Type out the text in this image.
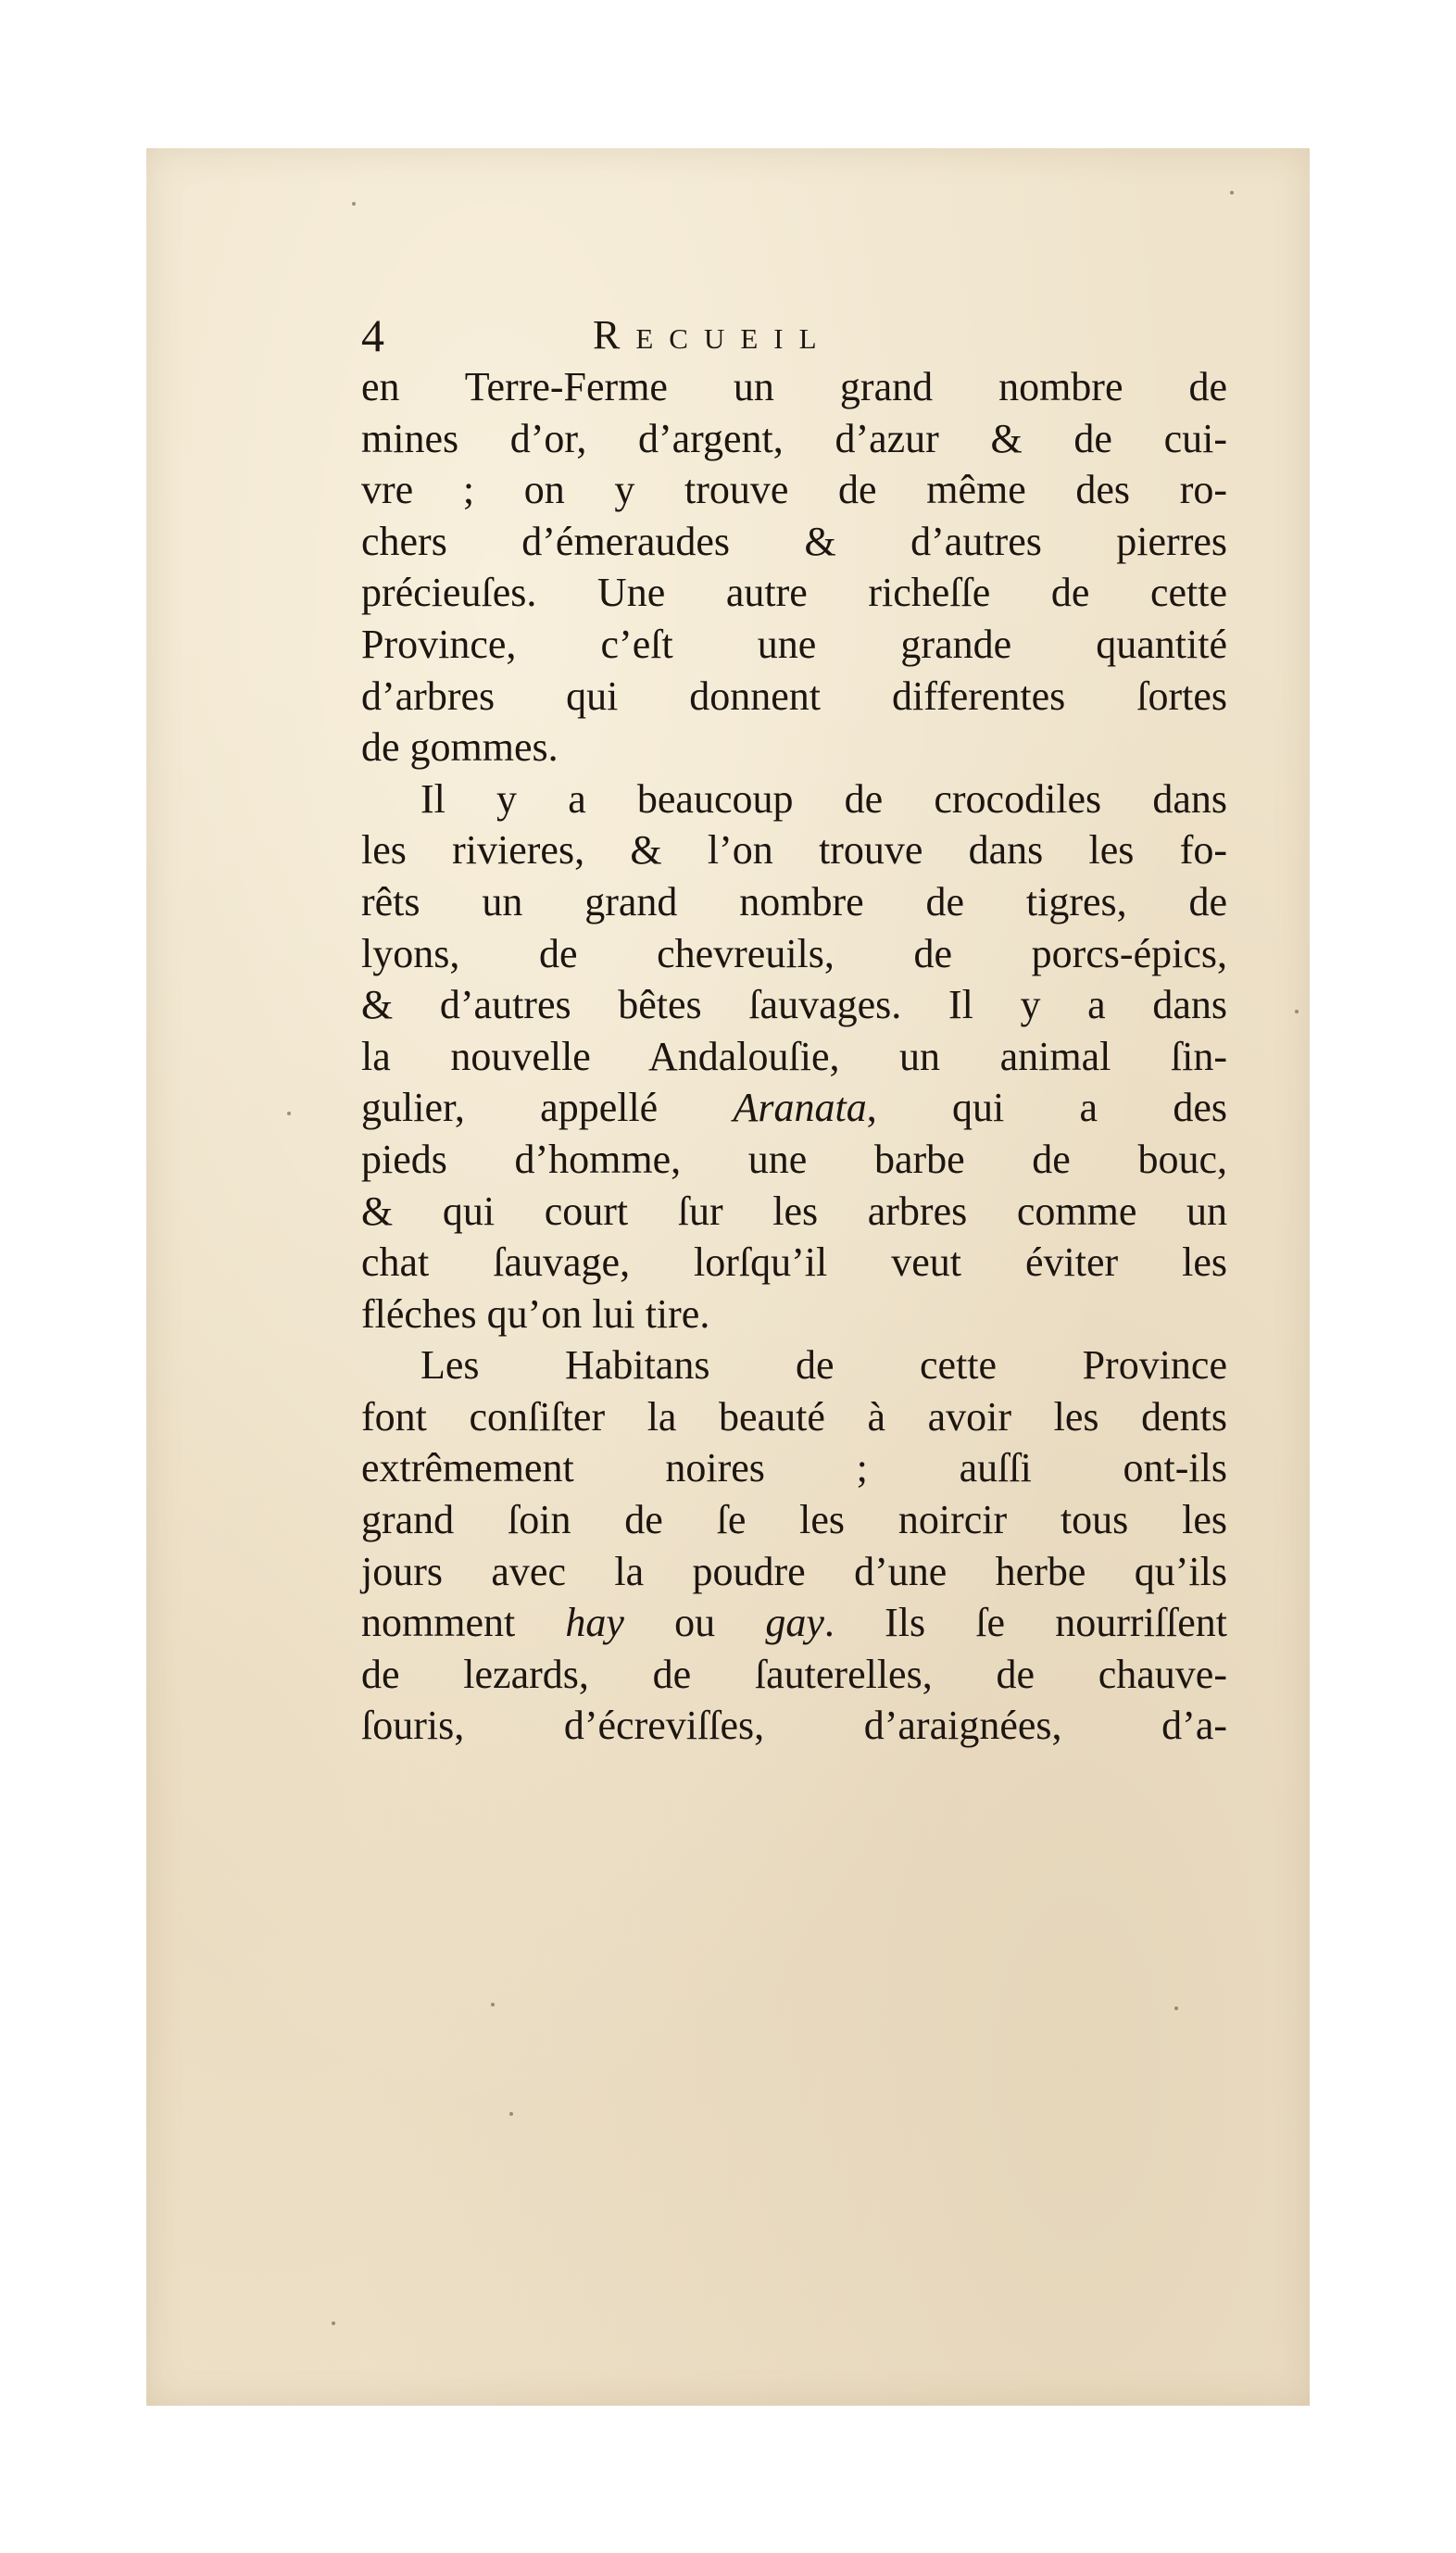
4	Recueil
en Terre-Ferme un grand nombre de
mines d’or, d’argent, d’azur & de cui-
vre ; on y trouve de même des ro-
chers d’émeraudes & d’autres pierres
précieuſes. Une autre richeſſe de cette
Province, c’eſt une grande quantité
d’arbres qui donnent differentes ſortes
de gommes.
Il y a beaucoup de crocodiles dans
les rivieres, & l’on trouve dans les fo-
rêts un grand nombre de tigres, de
lyons, de chevreuils, de porcs-épics,
& d’autres bêtes ſauvages. Il y a dans
la nouvelle Andalouſie, un animal ſin-
gulier, appellé Aranata, qui a des
pieds d’homme, une barbe de bouc,
& qui court ſur les arbres comme un
chat ſauvage, lorſqu’il veut éviter les
fléches qu’on lui tire.
Les Habitans de cette Province
font conſiſter la beauté à avoir les dents
extrêmement noires ; auſſi ont-ils
grand ſoin de ſe les noircir tous les
jours avec la poudre d’une herbe qu’ils
nomment hay ou gay. Ils ſe nourriſſent
de lezards, de ſauterelles, de chauve-
ſouris, d’écreviſſes, d’araignées, d’a-
